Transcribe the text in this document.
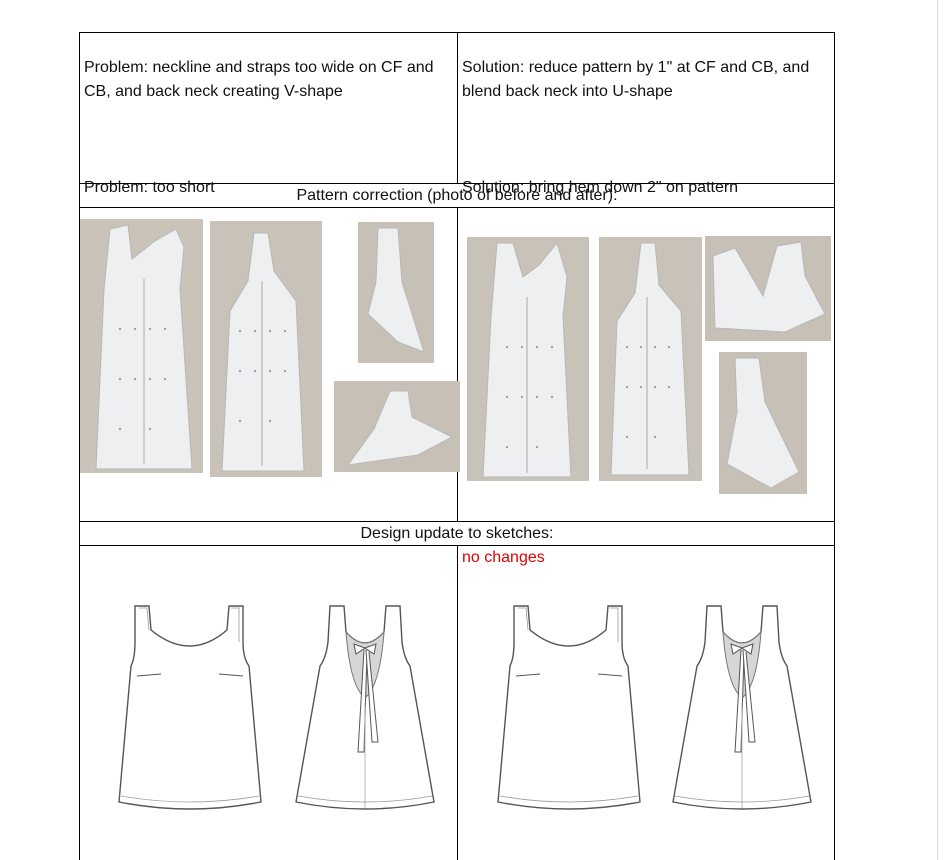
Problem: neckline and straps too wide on CF and CB, and back neck creating V-shape

Problem: too short

Solution: reduce pattern by 1" at CF and CB, and blend back neck into U-shape

Solution: bring hem down 2" on pattern

Pattern correction (photo of before and after):
Design update to sketches:
no changes
